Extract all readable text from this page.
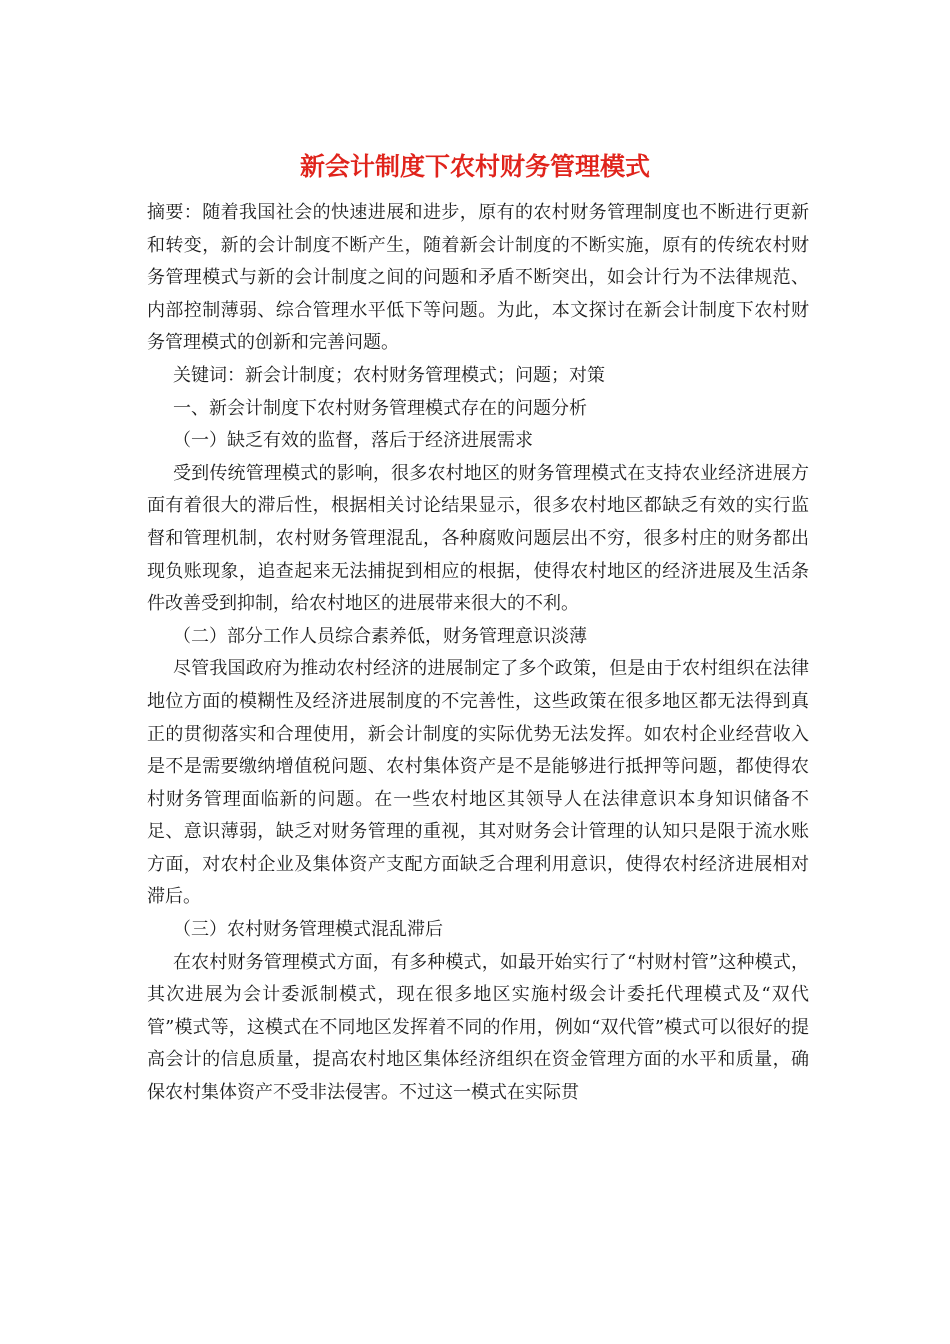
新会计制度下农村财务管理模式

摘要：随着我国社会的快速进展和进步，原有的农村财务管理制度也不断进行更新和转变，新的会计制度不断产生，随着新会计制度的不断实施，原有的传统农村财务管理模式与新的会计制度之间的问题和矛盾不断突出，如会计行为不法律规范、内部控制薄弱、综合管理水平低下等问题。为此，本文探讨在新会计制度下农村财务管理模式的创新和完善问题。

关键词：新会计制度；农村财务管理模式；问题；对策

一、新会计制度下农村财务管理模式存在的问题分析

（一）缺乏有效的监督，落后于经济进展需求

受到传统管理模式的影响，很多农村地区的财务管理模式在支持农业经济进展方面有着很大的滞后性，根据相关讨论结果显示，很多农村地区都缺乏有效的实行监督和管理机制，农村财务管理混乱，各种腐败问题层出不穷，很多村庄的财务都出现负账现象，追查起来无法捕捉到相应的根据，使得农村地区的经济进展及生活条件改善受到抑制，给农村地区的进展带来很大的不利。

（二）部分工作人员综合素养低，财务管理意识淡薄

尽管我国政府为推动农村经济的进展制定了多个政策，但是由于农村组织在法律地位方面的模糊性及经济进展制度的不完善性，这些政策在很多地区都无法得到真正的贯彻落实和合理使用，新会计制度的实际优势无法发挥。如农村企业经营收入是不是需要缴纳增值税问题、农村集体资产是不是能够进行抵押等问题，都使得农村财务管理面临新的问题。在一些农村地区其领导人在法律意识本身知识储备不足、意识薄弱，缺乏对财务管理的重视，其对财务会计管理的认知只是限于流水账方面，对农村企业及集体资产支配方面缺乏合理利用意识，使得农村经济进展相对滞后。

（三）农村财务管理模式混乱滞后

在农村财务管理模式方面，有多种模式，如最开始实行了“村财村管”这种模式，其次进展为会计委派制模式，现在很多地区实施村级会计委托代理模式及“双代管”模式等，这模式在不同地区发挥着不同的作用，例如“双代管”模式可以很好的提高会计的信息质量，提高农村地区集体经济组织在资金管理方面的水平和质量，确保农村集体资产不受非法侵害。不过这一模式在实际贯
